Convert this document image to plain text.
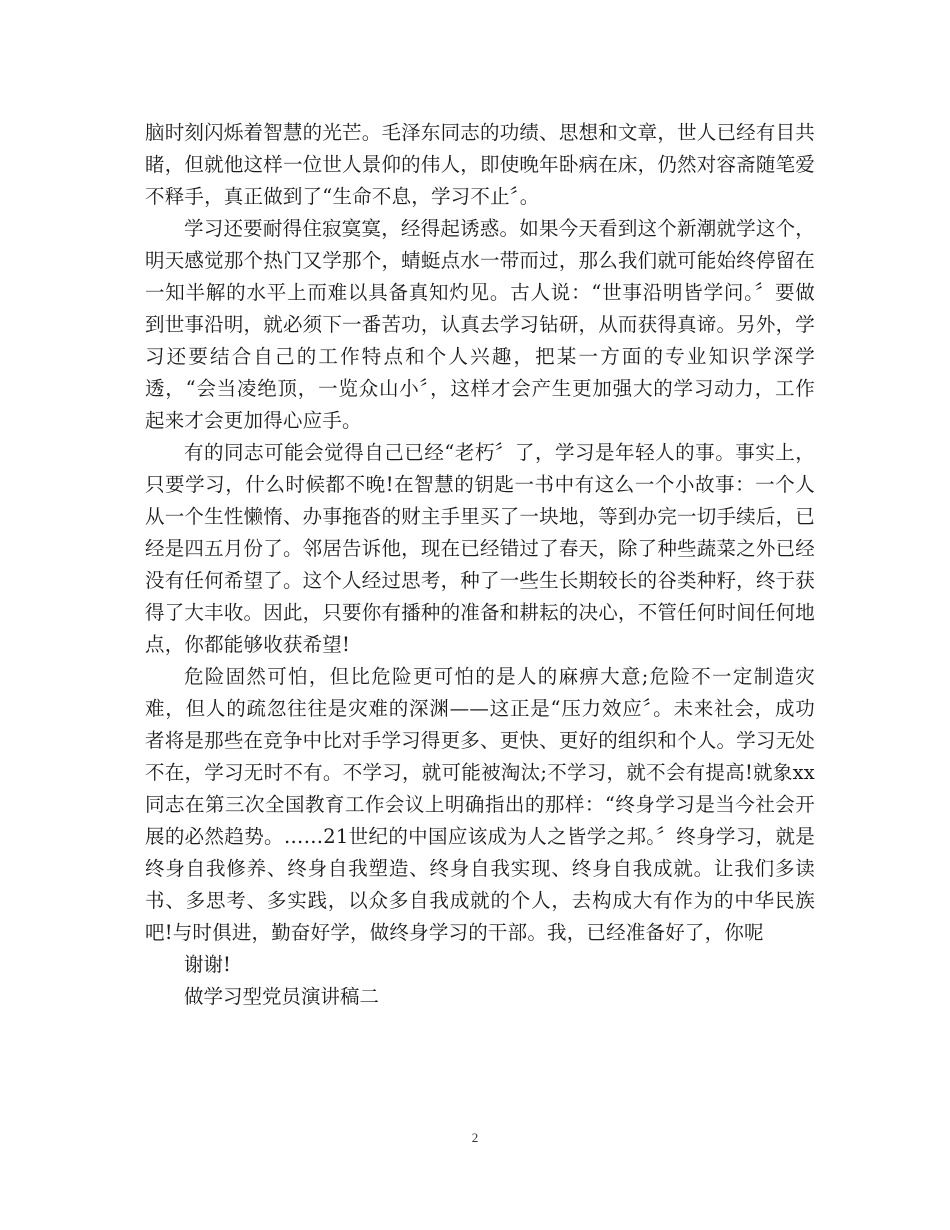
脑时刻闪烁着智慧的光芒。毛泽东同志的功绩、思想和文章，世人已经有目共睹，但就他这样一位世人景仰的伟人，即使晚年卧病在床，仍然对容斋随笔爱不释手，真正做到了“生命不息，学习不止〞。

学习还要耐得住寂寞寞，经得起诱惑。如果今天看到这个新潮就学这个，明天感觉那个热门又学那个，蜻蜓点水一带而过，那么我们就可能始终停留在一知半解的水平上而难以具备真知灼见。古人说：“世事沿明皆学问。〞要做到世事沿明，就必须下一番苦功，认真去学习钻研，从而获得真谛。另外，学习还要结合自己的工作特点和个人兴趣，把某一方面的专业知识学深学透，“会当凌绝顶，一览众山小〞，这样才会产生更加强大的学习动力，工作起来才会更加得心应手。

有的同志可能会觉得自己已经“老朽〞了，学习是年轻人的事。事实上，只要学习，什么时候都不晚!在智慧的钥匙一书中有这么一个小故事：一个人从一个生性懒惰、办事拖沓的财主手里买了一块地，等到办完一切手续后，已经是四五月份了。邻居告诉他，现在已经错过了春天，除了种些蔬菜之外已经没有任何希望了。这个人经过思考，种了一些生长期较长的谷类种籽，终于获得了大丰收。因此，只要你有播种的准备和耕耘的决心，不管任何时间任何地点，你都能够收获希望!

危险固然可怕，但比危险更可怕的是人的麻痹大意;危险不一定制造灾难，但人的疏忽往往是灾难的深渊——这正是“压力效应〞。未来社会，成功者将是那些在竞争中比对手学习得更多、更快、更好的组织和个人。学习无处不在，学习无时不有。不学习，就可能被淘汰;不学习，就不会有提高!就象xx同志在第三次全国教育工作会议上明确指出的那样：“终身学习是当今社会开展的必然趋势。……21世纪的中国应该成为人之皆学之邦。〞终身学习，就是终身自我修养、终身自我塑造、终身自我实现、终身自我成就。让我们多读书、多思考、多实践，以众多自我成就的个人，去构成大有作为的中华民族吧!与时俱进，勤奋好学，做终身学习的干部。我，已经准备好了，你呢

谢谢!

做学习型党员演讲稿二

2
